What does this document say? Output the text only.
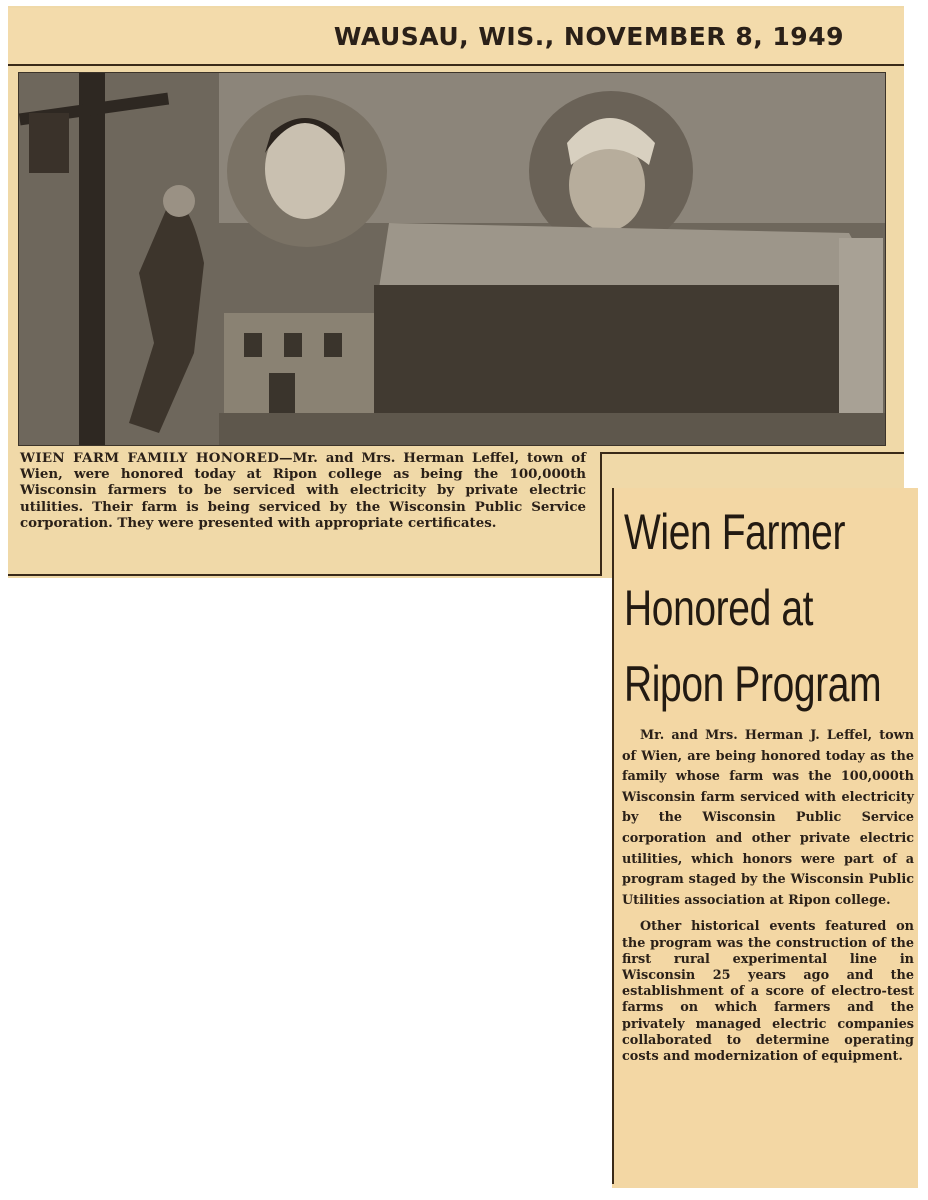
WAUSAU, WIS., NOVEMBER 8, 1949
WIEN FARM FAMILY HONORED—Mr. and Mrs. Herman Leffel, town of Wien, were honored today at Ripon college as being the 100,000th Wisconsin farmers to be serviced with electricity by private electric utilities. Their farm is being serviced by the Wisconsin Public Service corporation. They were presented with appropriate certificates.	Wien Farmer
Honored at
Ripon Program

Mr. and Mrs. Herman J. Leffel, town of Wien, are being honored today as the family whose farm was the 100,000th Wisconsin farm serviced with electricity by the Wisconsin Public Service corporation and other private electric utilities, which honors were part of a program staged by the Wisconsin Public Utilities association at Ripon college.

Other historical events featured on the program was the construction of the first rural experimental line in Wisconsin 25 years ago and the establishment of a score of electro-test farms on which farmers and the privately managed electric companies collaborated to determine operating costs and modernization of equipment.
